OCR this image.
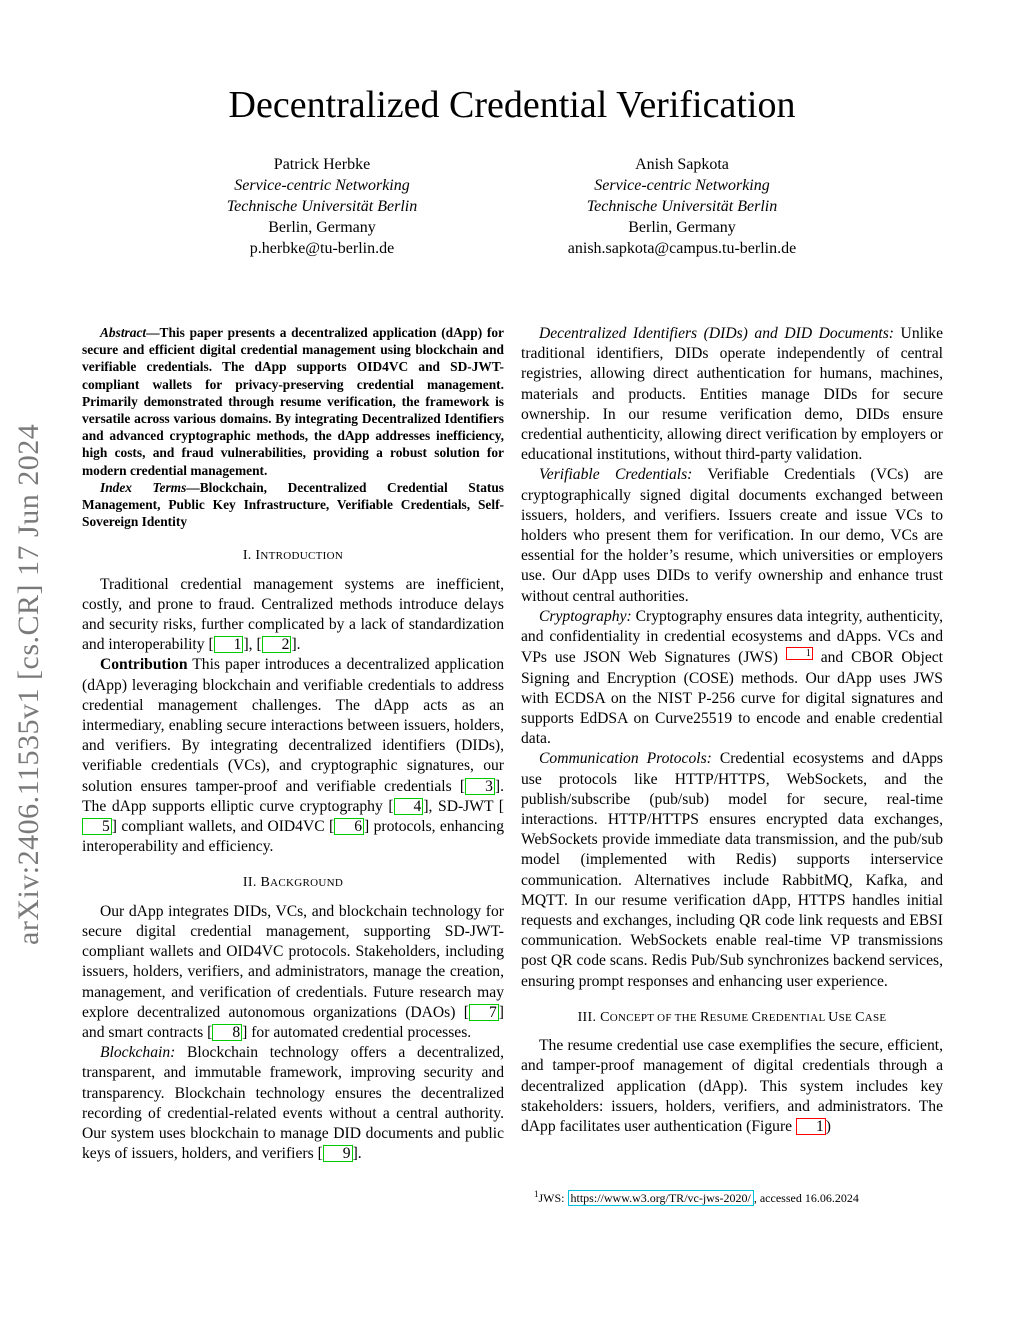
Decentralized Credential Verification
Patrick Herbke
Service-centric Networking
Technische Universität Berlin
Berlin, Germany
p.herbke@tu-berlin.de
Anish Sapkota
Service-centric Networking
Technische Universität Berlin
Berlin, Germany
anish.sapkota@campus.tu-berlin.de
arXiv:2406.11535v1 [cs.CR] 17 Jun 2024

Abstract—This paper presents a decentralized application (dApp) for secure and efficient digital credential management using blockchain and verifiable credentials. The dApp supports OID4VC and SD-JWT-compliant wallets for privacy-preserving credential management. Primarily demonstrated through resume verification, the framework is versatile across various domains. By integrating Decentralized Identifiers and advanced cryptographic methods, the dApp addresses inefficiency, high costs, and fraud vulnerabilities, providing a robust solution for modern credential management.

Index Terms—Blockchain, Decentralized Credential Status Management, Public Key Infrastructure, Verifiable Credentials, Self-Sovereign Identity

I. INTRODUCTION

Traditional credential management systems are inefficient, costly, and prone to fraud. Centralized methods introduce delays and security risks, further complicated by a lack of standardization and interoperability [ 1 ], [ 2 ].

Contribution This paper introduces a decentralized application (dApp) leveraging blockchain and verifiable credentials to address credential management challenges. The dApp acts as an intermediary, enabling secure interactions between issuers, holders, and verifiers. By integrating decentralized identifiers (DIDs), verifiable credentials (VCs), and cryptographic signatures, our solution ensures tamper-proof and verifiable credentials [ 3 ]. The dApp supports elliptic curve cryptography [ 4 ], SD-JWT [5 ] compliant wallets, and OID4VC [ 6 ] protocols, enhancing interoperability and efficiency.

II. BACKGROUND

Our dApp integrates DIDs, VCs, and blockchain technology for secure digital credential management, supporting SD-JWT-compliant wallets and OID4VC protocols. Stakeholders, including issuers, holders, verifiers, and administrators, manage the creation, management, and verification of credentials. Future research may explore decentralized autonomous organizations (DAOs) [ 7 ] and smart contracts [ 8 ] for automated credential processes.

Blockchain: Blockchain technology offers a decentralized, transparent, and immutable framework, improving security and transparency. Blockchain technology ensures the decentralized recording of credential-related events without a central authority. Our system uses blockchain to manage DID documents and public keys of issuers, holders, and verifiers [ 9 ].

Decentralized Identifiers (DIDs) and DID Documents: Unlike traditional identifiers, DIDs operate independently of central registries, allowing direct authentication for humans, machines, materials and products. Entities manage DIDs for secure ownership. In our resume verification demo, DIDs ensure credential authenticity, allowing direct verification by employers or educational institutions, without third-party validation.

Verifiable Credentials: Verifiable Credentials (VCs) are cryptographically signed digital documents exchanged between issuers, holders, and verifiers. Issuers create and issue VCs to holders who present them for verification. In our demo, VCs are essential for the holder’s resume, which universities or employers use. Our dApp uses DIDs to verify ownership and enhance trust without central authorities.

Cryptography: Cryptography ensures data integrity, authenticity, and confidentiality in credential ecosystems and dApps. VCs and VPs use JSON Web Signatures (JWS) 1 and CBOR Object Signing and Encryption (COSE) methods. Our dApp uses JWS with ECDSA on the NIST P-256 curve for digital signatures and supports EdDSA on Curve25519 to encode and enable credential data.

Communication Protocols: Credential ecosystems and dApps use protocols like HTTP/HTTPS, WebSockets, and the publish/subscribe (pub/sub) model for secure, real-time interactions. HTTP/HTTPS ensures encrypted data exchanges, WebSockets provide immediate data transmission, and the pub/sub model (implemented with Redis) supports interservice communication. Alternatives include RabbitMQ, Kafka, and MQTT. In our resume verification dApp, HTTPS handles initial requests and exchanges, including QR code link requests and EBSI communication. WebSockets enable real-time VP transmissions post QR code scans. Redis Pub/Sub synchronizes backend services, ensuring prompt responses and enhancing user experience.

III. CONCEPT OF THE RESUME CREDENTIAL USE CASE

The resume credential use case exemplifies the secure, efficient, and tamper-proof management of digital credentials through a decentralized application (dApp). This system includes key stakeholders: issuers, holders, verifiers, and administrators. The dApp facilitates user authentication (Figure 1 )

$^1$JWS: https://www.w3.org/TR/vc-jws-2020/ , accessed 16.06.2024
